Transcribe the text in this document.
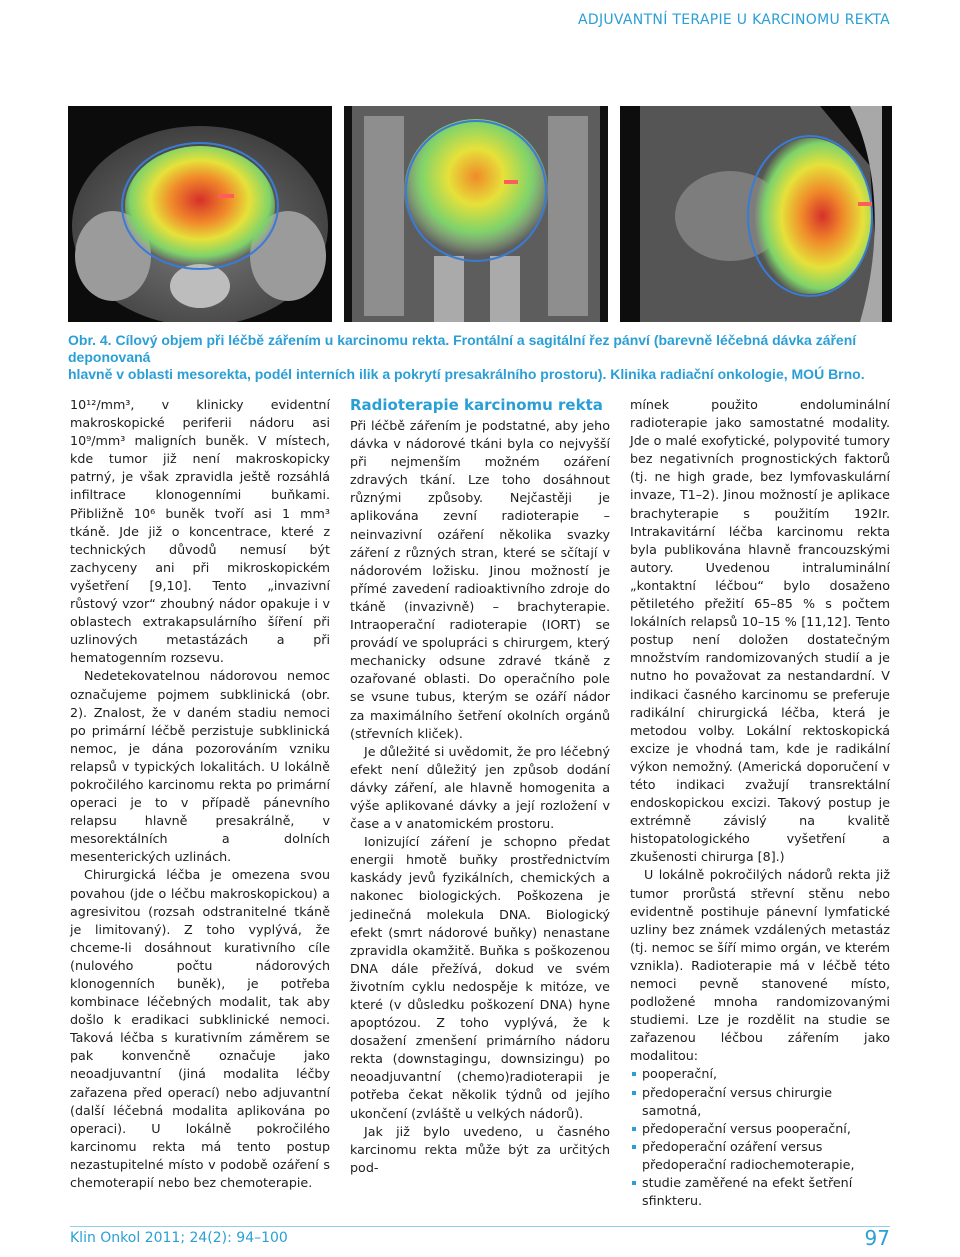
ADJUVANTNÍ TERAPIE U KARCINOMU REKTA
Obr. 4. Cílový objem při léčbě zářením u karcinomu rekta. Frontální a sagitální řez pánví (barevně léčebná dávka záření deponovaná
hlavně v oblasti mesorekta, podél interních ilik a pokrytí presakrálního prostoru). Klinika radiační onkologie, MOÚ Brno.

10¹²/mm³, v klinicky evidentní makroskopické periferii nádoru asi 10⁹/mm³ maligních buněk. V místech, kde tumor již není makroskopicky patrný, je však zpravidla ještě rozsáhlá infiltrace klonogenními buňkami. Přibližně 10⁶ buněk tvoří asi 1 mm³ tkáně. Jde již o koncentrace, které z technických důvodů nemusí být zachyceny ani při mikroskopickém vyšetření [9,10]. Tento „invazivní růstový vzor“ zhoubný nádor opakuje i v oblastech extrakapsulárního šíření při uzlinových metastázách a při hematogenním rozsevu.

Nedetekovatelnou nádorovou nemoc označujeme pojmem subklinická (obr. 2). Znalost, že v daném stadiu nemoci po primární léčbě perzistuje subklinická nemoc, je dána pozorováním vzniku relapsů v typických lokalitách. U lokálně pokročilého karcinomu rekta po primární operaci je to v případě pánevního relapsu hlavně presakrálně, v mesorektálních a dolních mesenterických uzlinách.

Chirurgická léčba je omezena svou povahou (jde o léčbu makroskopickou) a agresivitou (rozsah odstranitelné tkáně je limitovaný). Z toho vyplývá, že chceme-li dosáhnout kurativního cíle (nulového počtu nádorových klonogenních buněk), je potřeba kombinace léčebných modalit, tak aby došlo k eradikaci subklinické nemoci. Taková léčba s kurativním záměrem se pak konvenčně označuje jako neoadjuvantní (jiná modalita léčby zařazena před operací) nebo adjuvantní (další léčebná modalita aplikována po operaci). U lokálně pokročilého karcinomu rekta má tento postup nezastupitelné místo v podobě ozáření s chemoterapií nebo bez chemoterapie.

Radioterapie karcinomu rekta

Při léčbě zářením je podstatné, aby jeho dávka v nádorové tkáni byla co nejvyšší při nejmenším možném ozáření zdravých tkání. Lze toho dosáhnout různými způsoby. Nejčastěji je aplikována zevní radioterapie – neinvazivní ozáření několika svazky záření z různých stran, které se sčítají v nádorovém ložisku. Jinou možností je přímé zavedení radioaktivního zdroje do tkáně (invazivně) – brachyterapie. Intraoperační radioterapie (IORT) se provádí ve spolupráci s chirurgem, který mechanicky odsune zdravé tkáně z ozařované oblasti. Do operačního pole se vsune tubus, kterým se ozáří nádor za maximálního šetření okolních orgánů (střevních kliček).

Je důležité si uvědomit, že pro léčebný efekt není důležitý jen způsob dodání dávky záření, ale hlavně homogenita a výše aplikované dávky a její rozložení v čase a v anatomickém prostoru.

Ionizující záření je schopno předat energii hmotě buňky prostřednictvím kaskády jevů fyzikálních, chemických a nakonec biologických. Poškozena je jedinečná molekula DNA. Biologický efekt (smrt nádorové buňky) nenastane zpravidla okamžitě. Buňka s poškozenou DNA dále přežívá, dokud ve svém životním cyklu nedospěje k mitóze, ve které (v důsledku poškození DNA) hyne apoptózou. Z toho vyplývá, že k dosažení zmenšení primárního nádoru rekta (downstagingu, downsizingu) po neoadjuvantní (chemo)radioterapii je potřeba čekat několik týdnů od jejího ukončení (zvláště u velkých nádorů).

Jak již bylo uvedeno, u časného karcinomu rekta může být za určitých pod-

mínek použito endoluminální radioterapie jako samostatné modality. Jde o malé exofytické, polypovité tumory bez negativních prognostických faktorů (tj. ne high grade, bez lymfovaskulární invaze, T1–2). Jinou možností je aplikace brachyterapie s použitím 192Ir. Intrakavitární léčba karcinomu rekta byla publikována hlavně francouzskými autory. Uvedenou intraluminální „kontaktní léčbou“ bylo dosaženo pětiletého přežití 65–85 % s počtem lokálních relapsů 10–15 % [11,12]. Tento postup není doložen dostatečným množstvím randomizovaných studií a je nutno ho považovat za nestandardní. V indikaci časného karcinomu se preferuje radikální chirurgická léčba, která je metodou volby. Lokální rektoskopická excize je vhodná tam, kde je radikální výkon nemožný. (Americká doporučení v této indikaci zvažují transrektální endoskopickou excizi. Takový postup je extrémně závislý na kvalitě histopatologického vyšetření a zkušenosti chirurga [8].)

U lokálně pokročilých nádorů rekta již tumor prorůstá střevní stěnu nebo evidentně postihuje pánevní lymfatické uzliny bez známek vzdálených metastáz (tj. nemoc se šíří mimo orgán, ve kterém vznikla). Radioterapie má v léčbě této nemoci pevně stanovené místo, podložené mnoha randomizovanými studiemi. Lze je rozdělit na studie se zařazenou léčbou zářením jako modalitou:

pooperační,
předoperační versus chirurgie samotná,
předoperační versus pooperační,
předoperační ozáření versus předoperační radiochemoterapie,
studie zaměřené na efekt šetření sfinkteru.
Klin Onkol 2011; 24(2): 94–100	97
